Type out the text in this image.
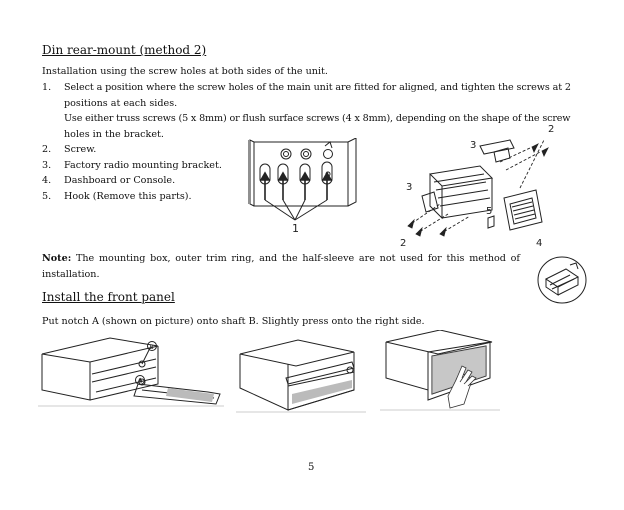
Din rear-mount (method 2)
Installation using the screw holes at both sides of the unit.
1. Select a position where the screw holes of the main unit are fitted for aligned, and tighten the screws at 2
positions at each sides.
Use either truss screws (5 x 8mm) or flush surface screws (4 x 8mm), depending on the shape of the screw
holes in the bracket.
2. Screw.
3. Factory radio mounting bracket.
4. Dashboard or Console.
5. Hook (Remove this parts).
1
2
3
3
5
2	4
Note: The mounting box, outer trim ring, and the half-sleeve are not used for this method of installation.
Install the front panel
Put notch A (shown on picture) onto shaft B. Slightly press onto the right side.
B
A
5
